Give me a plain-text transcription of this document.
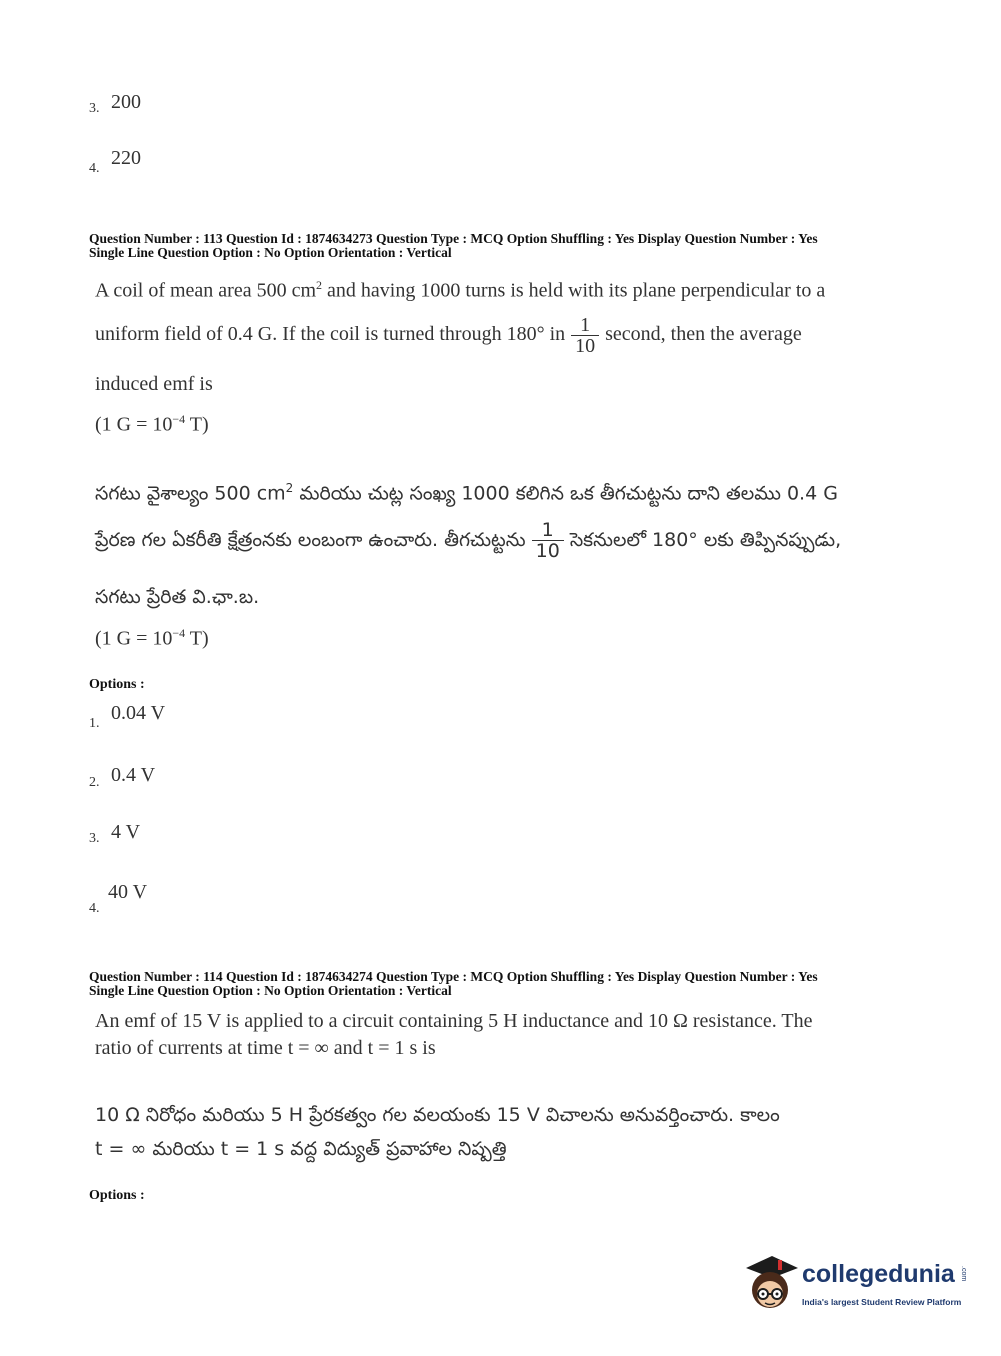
3. 200
4. 220
Question Number : 113 Question Id : 1874634273 Question Type : MCQ Option Shuffling : Yes Display Question Number : Yes
Single Line Question Option : No Option Orientation : Vertical
A coil of mean area 500 $cm^2$ and having 1000 turns is held with its plane perpendicular to a
uniform field of 0.4 G. If the coil is turned through 180° in $\frac{1}{10}$ second, then the average
induced emf is
(1 $G = 10^{-4}$ T)
సగటు వైశాల్యం 500 $cm^2$ మరియు చుట్ల సంఖ్య 1000 కలిగిన ఒక తీగచుట్టను దాని తలము 0.4 G
ప్రేరణ గల ఏకరీతి క్షేత్రంనకు లంబంగా ఉంచారు. తీగచుట్టను $\frac{1}{10}$ సెకనులలో 180° లకు తిప్పినప్పుడు,
సగటు ప్రేరిత వి.ఛా.బ.
(1 $G = 10^{-4}$ T)
Options :
1. 0.04 V
2. 0.4 V
3. 4 V
4.
40 V
Question Number : 114 Question Id : 1874634274 Question Type : MCQ Option Shuffling : Yes Display Question Number : Yes
Single Line Question Option : No Option Orientation : Vertical
An emf of 15 V is applied to a circuit containing 5 H inductance and 10 Ω resistance. The
ratio of currents at time t = ∞ and t = 1 s is
10 Ω నిరోధం మరియు 5 H ప్రేరకత్వం గల వలయంకు 15 V విచాలను అనువర్తించారు. కాలం
t = ∞ మరియు t = 1 s వద్ద విద్యుత్ ప్రవాహాల నిష్పత్తి
Options :
collegedunia .com
India's largest Student Review Platform
